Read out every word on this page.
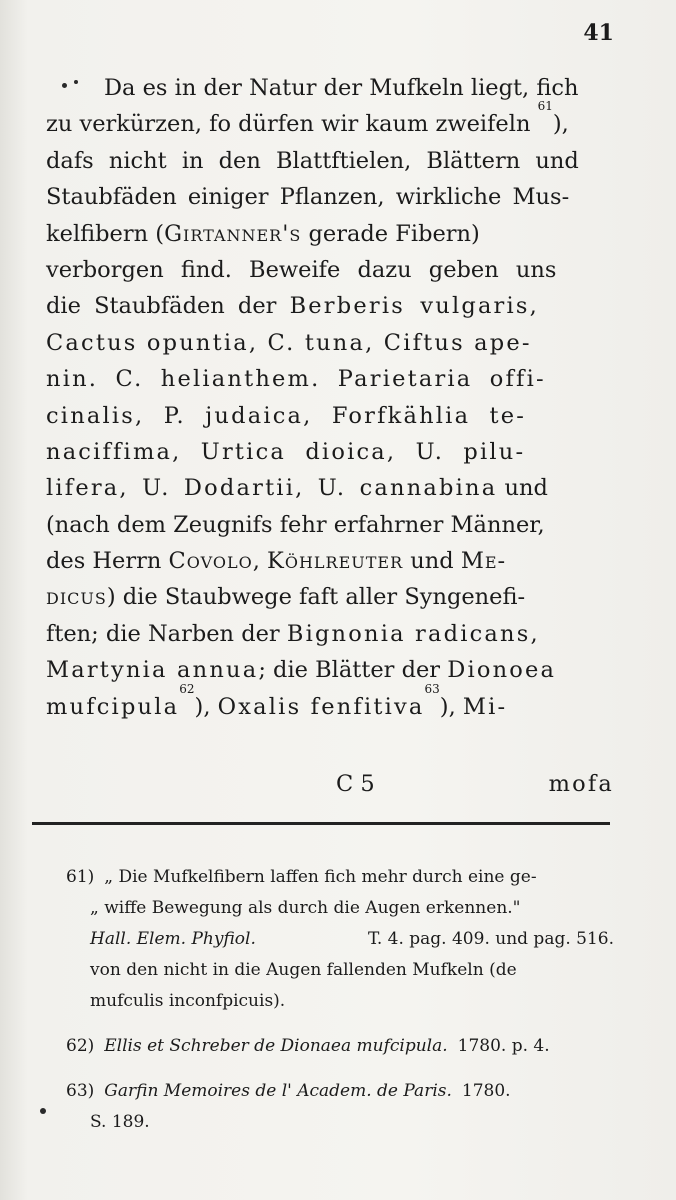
41
Da es in der Natur der Mufkeln liegt, fich
zu verkürzen, fo dürfen wir kaum zweifeln

61
),
dafs nicht in den Blattftielen, Blättern und
Staubfäden einiger Pflanzen, wirkliche Mus-
kelfibern ( Girtanner's gerade Fibern)
verborgen find. Beweife dazu geben uns
die Staubfäden der Berberis vulgaris,
Cactus opuntia, C. tuna, Ciftus ape-
nin. C. helianthem. Parietaria offi-
cinalis, P. judaica, Forfkählia te-
naciffima, Urtica dioica, U. pilu-
lifera, U. Dodartii, U. cannabina und
(nach dem Zeugnifs fehr erfahrner Männer,
des Herrn Covolo , Köhlreuter und Me-
dicus ) die Staubwege faft aller Syngenefi-
ften; die Narben der Bignonia radicans,
Martynia annua ; die Blätter der Dionoea
mufcipula
62
), Oxalis fenfitiva
63
), Mi-
C 5	mofa
61) „ Die Mufkelfibern laffen fich mehr durch eine ge-
„ wiffe Bewegung als durch die Augen erkennen."
Hall. Elem. Phyfiol.	T. 4. pag. 409. und pag. 516.
von den nicht in die Augen fallenden Mufkeln (de
mufculis inconfpicuis).
62) Ellis et Schreber de Dionaea mufcipula. 1780. p. 4.
63) Garfin Memoires de l' Academ. de Paris. 1780.
S. 189.
